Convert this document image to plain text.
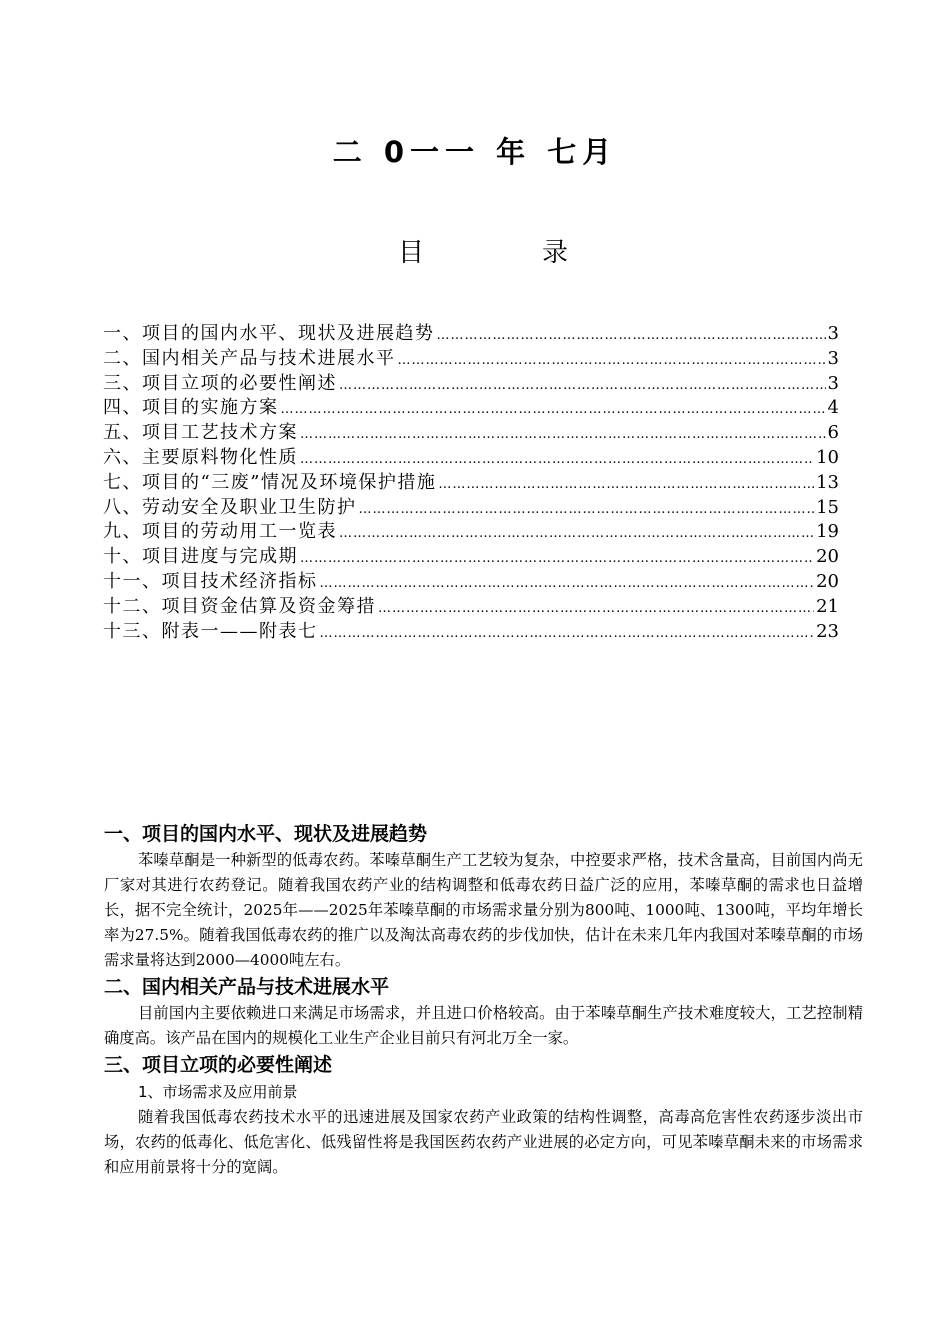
二 0一一 年 七月
目	录
一、项目的国内水平、现状及进展趋势 ……………………………………………………………………………………………………………………………………………………………………	3
二、国内相关产品与技术进展水平 ……………………………………………………………………………………………………………………………………………………………………	3
三、项目立项的必要性阐述 ……………………………………………………………………………………………………………………………………………………………………	3
四、项目的实施方案 ……………………………………………………………………………………………………………………………………………………………………	4
五、项目工艺技术方案 ……………………………………………………………………………………………………………………………………………………………………	6
六、主要原料物化性质 ……………………………………………………………………………………………………………………………………………………………………	10
七、项目的“三废”情况及环境保护措施 ……………………………………………………………………………………………………………………………………………………………………	13
八、劳动安全及职业卫生防护 ……………………………………………………………………………………………………………………………………………………………………	15
九、项目的劳动用工一览表 ……………………………………………………………………………………………………………………………………………………………………	19
十、项目进度与完成期 ……………………………………………………………………………………………………………………………………………………………………	20
十一、项目技术经济指标 ……………………………………………………………………………………………………………………………………………………………………	20
十二、项目资金估算及资金筹措 ……………………………………………………………………………………………………………………………………………………………………	21
十三、附表一——附表七 ……………………………………………………………………………………………………………………………………………………………………	23
一、项目的国内水平、现状及进展趋势

苯嗪草酮是一种新型的低毒农药。苯嗪草酮生产工艺较为复杂，中控要求严格，技术含量高，目前国内尚无厂家对其进行农药登记。随着我国农药产业的结构调整和低毒农药日益广泛的应用，苯嗪草酮的需求也日益增长，据不完全统计，2025年——2025年苯嗪草酮的市场需求量分别为800吨、1000吨、1300吨，平均年增长率为27.5%。随着我国低毒农药的推广以及淘汰高毒农药的步伐加快，估计在未来几年内我国对苯嗪草酮的市场需求量将达到2000—4000吨左右。

二、国内相关产品与技术进展水平

目前国内主要依赖进口来满足市场需求，并且进口价格较高。由于苯嗪草酮生产技术难度较大，工艺控制精确度高。该产品在国内的规模化工业生产企业目前只有河北万全一家。

三、项目立项的必要性阐述
1、市场需求及应用前景

随着我国低毒农药技术水平的迅速进展及国家农药产业政策的结构性调整，高毒高危害性农药逐步淡出市场，农药的低毒化、低危害化、低残留性将是我国医药农药产业进展的必定方向，可见苯嗪草酮未来的市场需求和应用前景将十分的宽阔。
